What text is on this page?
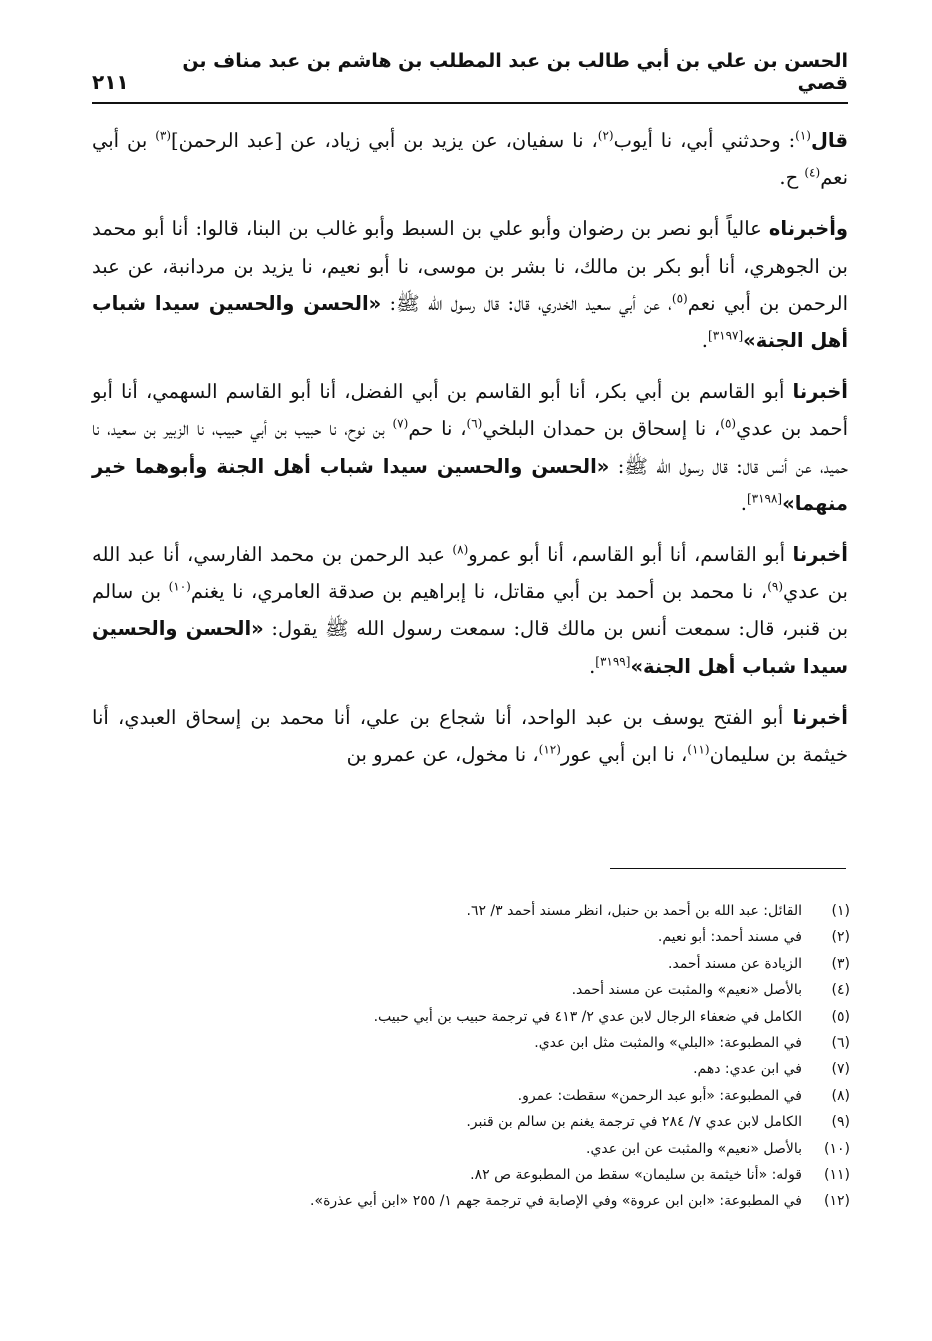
الحسن بن علي بن أبي طالب بن عبد المطلب بن هاشم بن عبد مناف بن قصي
٢١١

قال$^{(١)}$: وحدثني أبي، نا أيوب$^{(٢)}$، نا سفيان، عن يزيد بن أبي زياد، عن [عبد الرحمن]$^{(٣)}$ بن أبي نعم$^{(٤)}$ ح.

وأخبرناه عالياً أبو نصر بن رضوان وأبو علي بن السبط وأبو غالب بن البنا، قالوا: أنا أبو محمد بن الجوهري، أنا أبو بكر بن مالك، نا بشر بن موسى، نا أبو نعيم، نا يزيد بن مردانبة، عن عبد الرحمن بن أبي نعم$^{(٥)}$، عن أبي سعيد الخدري، قال: قال رسول الله ﷺ: «الحسن والحسين سيدا شباب أهل الجنة»[٣١٩٧].

أخبرنا أبو القاسم بن أبي بكر، أنا أبو القاسم بن أبي الفضل، أنا أبو القاسم السهمي، أنا أبو أحمد بن عدي$^{(٥)}$، نا إسحاق بن حمدان البلخي$^{(٦)}$، نا حم$^{(٧)}$ بن نوح، نا حبيب بن أبي حبيب، نا الزبير بن سعيد، نا حميد، عن أنس قال: قال رسول الله ﷺ: «الحسن والحسين سيدا شباب أهل الجنة وأبوهما خير منهما»[٣١٩٨].

أخبرنا أبو القاسم، أنا أبو القاسم، أنا أبو عمرو$^{(٨)}$ عبد الرحمن بن محمد الفارسي، أنا عبد الله بن عدي$^{(٩)}$، نا محمد بن أحمد بن أبي مقاتل، نا إبراهيم بن صدقة العامري، نا يغنم$^{(١٠)}$ بن سالم بن قنبر، قال: سمعت أنس بن مالك قال: سمعت رسول الله ﷺ يقول: «الحسن والحسين سيدا شباب أهل الجنة»[٣١٩٩].

أخبرنا أبو الفتح يوسف بن عبد الواحد، أنا شجاع بن علي، أنا محمد بن إسحاق العبدي، أنا خيثمة بن سليمان$^{(١١)}$، نا ابن أبي عور$^{(١٢)}$، نا مخول، عن عمرو بن

(١)
القائل: عبد الله بن أحمد بن حنبل، انظر مسند أحمد ٣/ ٦٢.
(٢)
في مسند أحمد: أبو نعيم.
(٣)
الزيادة عن مسند أحمد.
(٤)
بالأصل «نعيم» والمثبت عن مسند أحمد.
(٥)
الكامل في ضعفاء الرجال لابن عدي ٢/ ٤١٣ في ترجمة حبيب بن أبي حبيب.
(٦)
في المطبوعة: «البلي» والمثبت مثل ابن عدي.
(٧)
في ابن عدي: دهم.
(٨)
في المطبوعة: «أبو عبد الرحمن» سقطت: عمرو.
(٩)
الكامل لابن عدي ٧/ ٢٨٤ في ترجمة يغنم بن سالم بن قنبر.
(١٠)
بالأصل «نعيم» والمثبت عن ابن عدي.
(١١)
قوله: «أنا خيثمة بن سليمان» سقط من المطبوعة ص ٨٢.
(١٢)
في المطبوعة: «ابن ابن عروة» وفي الإصابة في ترجمة جهم ١/ ٢٥٥ «ابن أبي عذرة».
